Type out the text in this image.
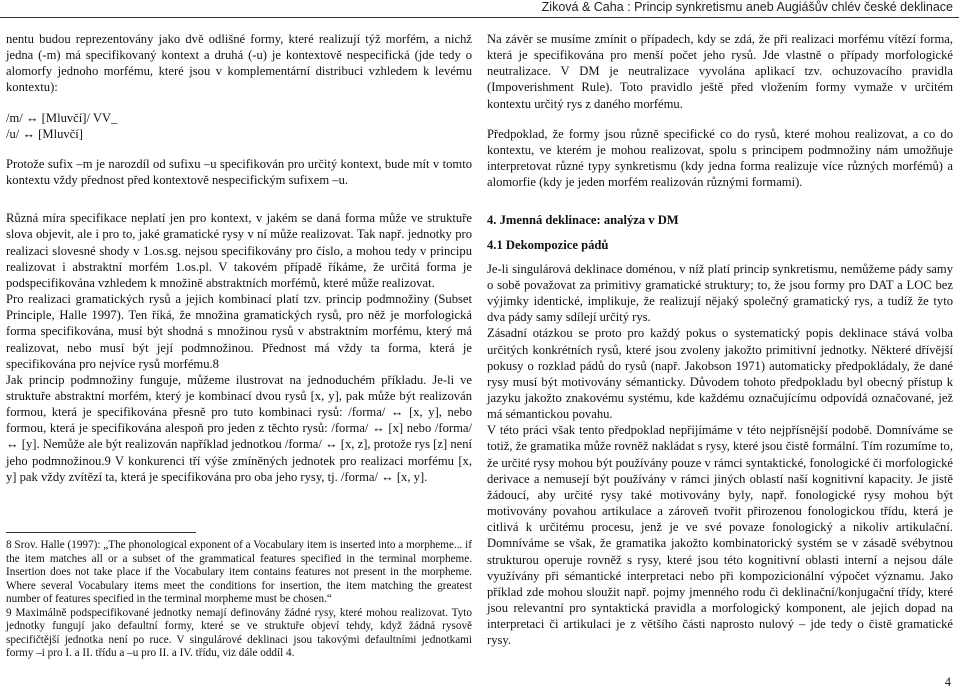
Ziková & Caha : Princip synkretismu aneb Augiášův chlév české deklinace

nentu budou reprezentovány jako dvě odlišné formy, které realizují týž morfém, a nichž jedna (-m) má specifikovaný kontext a druhá (-u) je kontextově nespecifická (jde tedy o alomorfy jednoho morfému, které jsou v komplementární distribuci vzhledem k levému kontextu):

/m/ ↔ [Mluvčí]/ VV_

/u/ ↔ [Mluvčí]

Protože sufix –m je narozdíl od sufixu –u specifikován pro určitý kontext, bude mít v tomto kontextu vždy přednost před kontextově nespecifickým sufixem –u.

Různá míra specifikace neplatí jen pro kontext, v jakém se daná forma může ve struktuře slova objevit, ale i pro to, jaké gramatické rysy v ní může realizovat. Tak např. jednotky pro realizaci slovesné shody v 1.os.sg. nejsou specifikovány pro číslo, a mohou tedy v principu realizovat i abstraktní morfém 1.os.pl. V takovém případě říkáme, že určitá forma je podspecifikována vzhledem k množině abstraktních morfémů, které může realizovat.

Pro realizaci gramatických rysů a jejich kombinací platí tzv. princip podmnožiny (Subset Principle, Halle 1997). Ten říká, že množina gramatických rysů, pro něž je morfologická forma specifikována, musí být shodná s množinou rysů v abstraktním morfému, který má realizovat, nebo musí být její podmnožinou. Přednost má vždy ta forma, která je specifikována pro nejvíce rysů morfému.8

Jak princip podmnožiny funguje, můžeme ilustrovat na jednoduchém příkladu. Je-li ve struktuře abstraktní morfém, který je kombinací dvou rysů [x, y], pak může být realizován formou, která je specifikována přesně pro tuto kombinaci rysů: /forma/ ↔ [x, y], nebo formou, která je specifikována alespoň pro jeden z těchto rysů: /forma/ ↔ [x] nebo /forma/ ↔ [y]. Nemůže ale být realizován například jednotkou /forma/ ↔ [x, z], protože rys [z] není jeho podmnožinou.9 V konkurenci tří výše zmíněných jednotek pro realizaci morfému [x, y] pak vždy zvítězí ta, která je specifikována pro oba jeho rysy, tj. /forma/ ↔ [x, y].

8 Srov. Halle (1997): „The phonological exponent of a Vocabulary item is inserted into a morpheme... if the item matches all or a subset of the grammatical features specified in the terminal morpheme. Insertion does not take place if the Vocabulary item contains features not present in the morpheme. Where several Vocabulary items meet the conditions for insertion, the item matching the greatest number of features specified in the terminal morpheme must be chosen.“

9 Maximálně podspecifikované jednotky nemají definovány žádné rysy, které mohou realizovat. Tyto jednotky fungují jako defaultní formy, které se ve struktuře objeví tehdy, když žádná rysově specifičtější jednotka není po ruce. V singulárové deklinaci jsou takovými defaultními jednotkami formy –i pro I. a II. třídu a –u pro II. a IV. třídu, viz dále oddíl 4.

Na závěr se musíme zmínit o případech, kdy se zdá, že při realizaci morfému vítězí forma, která je specifikována pro menší počet jeho rysů. Jde vlastně o případy morfologické neutralizace. V DM je neutralizace vyvolána aplikací tzv. ochuzovacího pravidla (Impoverishment Rule). Toto pravidlo ještě před vložením formy vymaže v určitém kontextu určitý rys z daného morfému.

Předpoklad, že formy jsou různě specifické co do rysů, které mohou realizovat, a co do kontextu, ve kterém je mohou realizovat, spolu s principem podmnožiny nám umožňuje interpretovat různé typy synkretismu (kdy jedna forma realizuje více různých morfémů) a alomorfie (kdy je jeden morfém realizován různými formami).

4. Jmenná deklinace: analýza v DM

4.1 Dekompozice pádů

Je-li singulárová deklinace doménou, v níž platí princip synkretismu, nemůžeme pády samy o sobě považovat za primitivy gramatické struktury; to, že jsou formy pro DAT a LOC bez výjimky identické, implikuje, že realizují nějaký společný gramatický rys, a tudíž že tyto dva pády samy sdílejí určitý rys.

Zásadní otázkou se proto pro každý pokus o systematický popis deklinace stává volba určitých konkrétních rysů, které jsou zvoleny jakožto primitivní jednotky. Některé dřívější pokusy o rozklad pádů do rysů (např. Jakobson 1971) automaticky předpokládaly, že dané rysy musí být motivovány sémanticky. Důvodem tohoto předpokladu byl obecný přístup k jazyku jakožto znakovému systému, kde každému označujícímu odpovídá označované, jež má sémantickou povahu.

V této práci však tento předpoklad nepřijímáme v této nejpřísnější podobě. Domníváme se totiž, že gramatika může rovněž nakládat s rysy, které jsou čistě formální. Tím rozumíme to, že určité rysy mohou být používány pouze v rámci syntaktické, fonologické či morfologické derivace a nemusejí být používány v rámci jiných oblastí naší kognitivní kapacity. Je jistě žádoucí, aby určité rysy také motivovány byly, např. fonologické rysy mohou být motivovány povahou artikulace a zároveň tvořit přirozenou fonologickou třídu, která je citlivá k určitému procesu, jenž je ve své povaze fonologický a nikoliv artikulační. Domníváme se však, že gramatika jakožto kombinatorický systém se v zásadě svébytnou strukturou operuje rovněž s rysy, které jsou této kognitivní oblasti interní a nejsou dále využívány při sémantické interpretaci nebo při kompozicionální výpočet významu. Jako příklad zde mohou sloužit např. pojmy jmenného rodu či deklinační/konjugační třídy, které jsou relevantní pro syntaktická pravidla a morfologický komponent, ale jejich dopad na interpretaci či artikulaci je z většího části naprosto nulový – jde tedy o čistě gramatické rysy.

4
